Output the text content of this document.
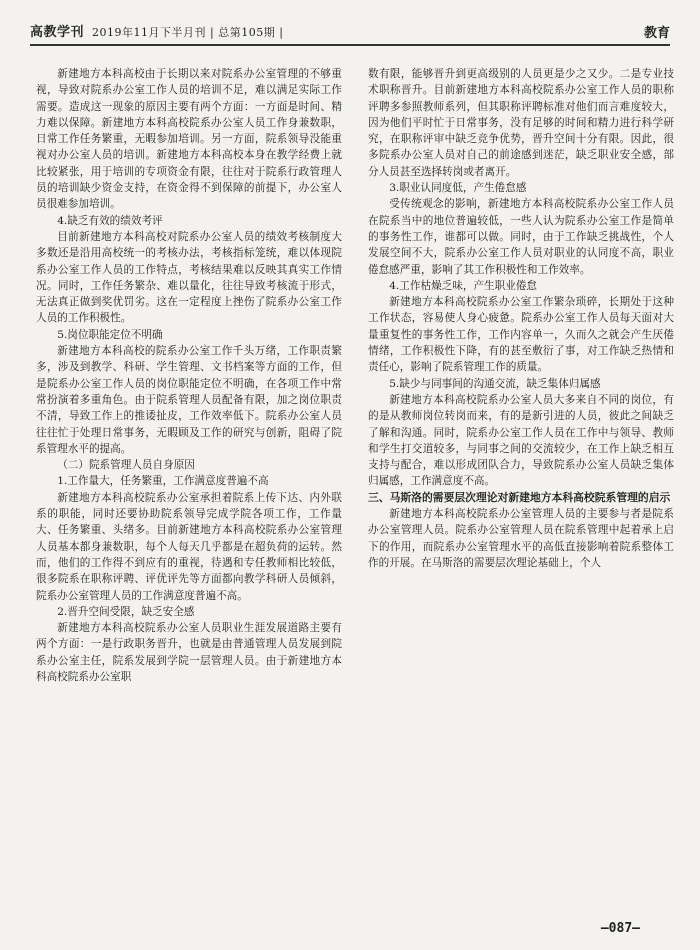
高教学刊 2019年11月下半月刊 | 总第105期 |	教育

新建地方本科高校由于长期以来对院系办公室管理的不够重视，导致对院系办公室工作人员的培训不足，难以满足实际工作需要。造成这一现象的原因主要有两个方面：一方面是时间、精力难以保障。新建地方本科高校院系办公室人员工作身兼数职，日常工作任务繁重，无暇参加培训。另一方面，院系领导没能重视对办公室人员的培训。新建地方本科高校本身在教学经费上就比较紧张，用于培训的专项资金有限，往往对于院系行政管理人员的培训缺少资金支持，在资金得不到保障的前提下，办公室人员很难参加培训。

4.缺乏有效的绩效考评

目前新建地方本科高校对院系办公室人员的绩效考核制度大多数还是沿用高校统一的考核办法，考核指标笼统，难以体现院系办公室工作人员的工作特点，考核结果难以反映其真实工作情况。同时，工作任务繁杂、难以量化，往往导致考核流于形式，无法真正做到奖优罚劣。这在一定程度上挫伤了院系办公室工作人员的工作积极性。

5.岗位职能定位不明确

新建地方本科高校的院系办公室工作千头万绪，工作职责繁多，涉及到教学、科研、学生管理、文书档案等方面的工作，但是院系办公室工作人员的岗位职能定位不明确，在各项工作中常常扮演着多重角色。由于院系管理人员配备有限，加之岗位职责不清，导致工作上的推诿扯皮，工作效率低下。院系办公室人员往往忙于处理日常事务，无暇顾及工作的研究与创新，阻碍了院系管理水平的提高。

（二）院系管理人员自身原因
1.工作量大，任务繁重，工作满意度普遍不高

新建地方本科高校院系办公室承担着院系上传下达、内外联系的职能，同时还要协助院系领导完成学院各项工作，工作量大、任务繁重、头绪多。目前新建地方本科高校院系办公室管理人员基本都身兼数职，每个人每天几乎都是在超负荷的运转。然而，他们的工作得不到应有的重视，待遇和专任教师相比较低，很多院系在职称评聘、评优评先等方面都向教学科研人员倾斜，院系办公室管理人员的工作满意度普遍不高。

2.晋升空间受限，缺乏安全感

新建地方本科高校院系办公室人员职业生涯发展道路主要有两个方面：一是行政职务晋升，也就是由普通管理人员发展到院系办公室主任，院系发展到学院一层管理人员。由于新建地方本科高校院系办公室职

数有限，能够晋升到更高级别的人员更是少之又少。二是专业技术职称晋升。目前新建地方本科高校院系办公室工作人员的职称评聘多参照教师系列，但其职称评聘标准对他们而言难度较大，因为他们平时忙于日常事务，没有足够的时间和精力进行科学研究，在职称评审中缺乏竞争优势，晋升空间十分有限。因此，很多院系办公室人员对自己的前途感到迷茫，缺乏职业安全感，部分人员甚至选择转岗或者离开。

3.职业认同度低，产生倦怠感

受传统观念的影响，新建地方本科高校院系办公室工作人员在院系当中的地位普遍较低，一些人认为院系办公室工作是简单的事务性工作，谁都可以做。同时，由于工作缺乏挑战性，个人发展空间不大，院系办公室工作人员对职业的认同度不高，职业倦怠感严重，影响了其工作积极性和工作效率。

4.工作枯燥乏味，产生职业倦怠

新建地方本科高校院系办公室工作繁杂琐碎，长期处于这种工作状态，容易使人身心疲惫。院系办公室工作人员每天面对大量重复性的事务性工作，工作内容单一，久而久之就会产生厌倦情绪，工作积极性下降，有的甚至敷衍了事，对工作缺乏热情和责任心，影响了院系管理工作的质量。

5.缺少与同事间的沟通交流，缺乏集体归属感

新建地方本科高校院系办公室人员大多来自不同的岗位，有的是从教师岗位转岗而来，有的是新引进的人员，彼此之间缺乏了解和沟通。同时，院系办公室工作人员在工作中与领导、教师和学生打交道较多，与同事之间的交流较少，在工作上缺乏相互支持与配合，难以形成团队合力，导致院系办公室人员缺乏集体归属感，工作满意度不高。

三、马斯洛的需要层次理论对新建地方本科高校院系管理的启示

新建地方本科高校院系办公室管理人员的主要参与者是院系办公室管理人员。院系办公室管理人员在院系管理中起着承上启下的作用，而院系办公室管理水平的高低直接影响着院系整体工作的开展。在马斯洛的需要层次理论基础上，个人

—087—
